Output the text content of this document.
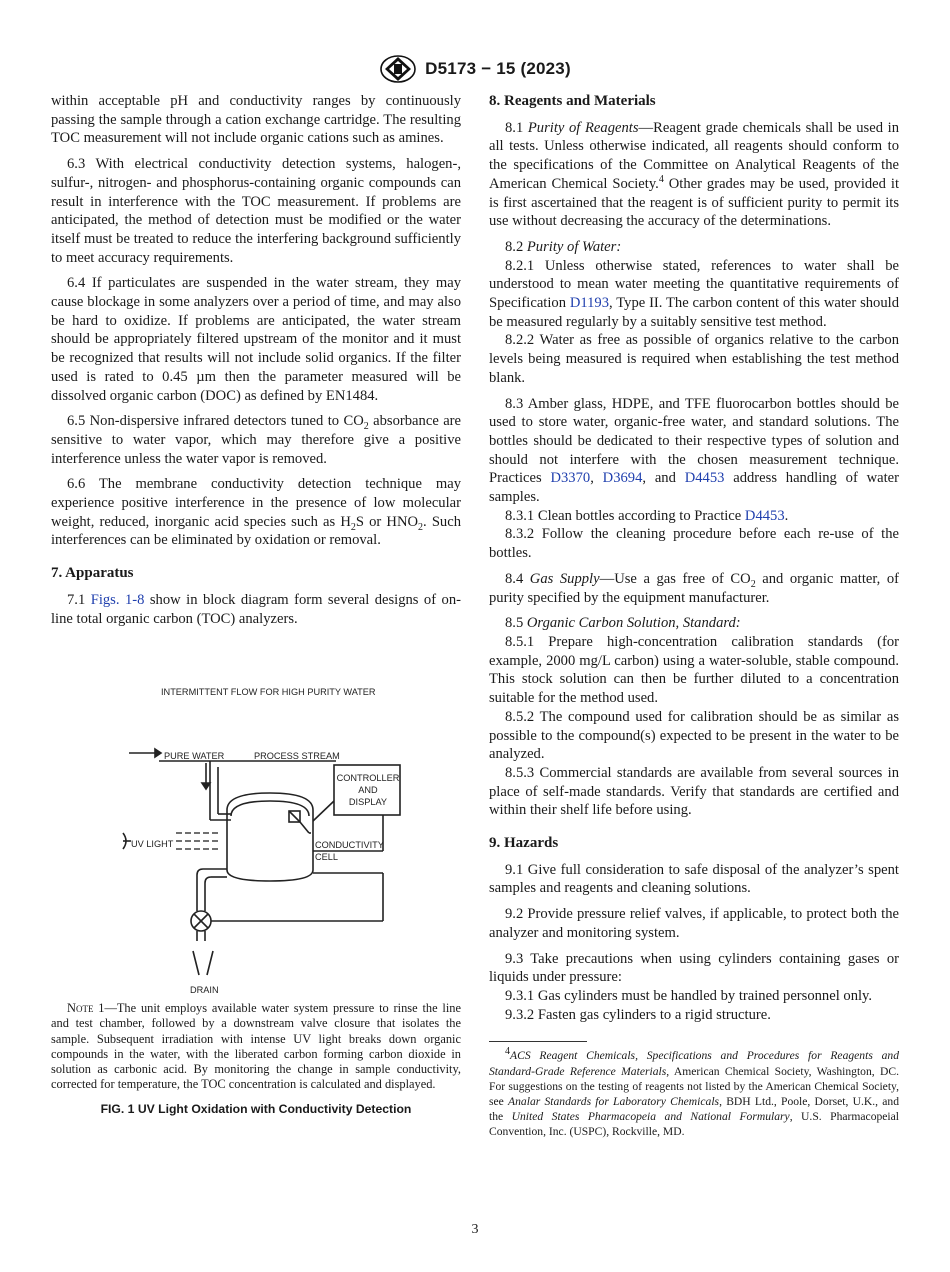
D5173 − 15 (2023)

within acceptable pH and conductivity ranges by continuously passing the sample through a cation exchange cartridge. The resulting TOC measurement will not include organic cations such as amines.

6.3 With electrical conductivity detection systems, halogen-, sulfur-, nitrogen- and phosphorus-containing organic compounds can result in interference with the TOC measurement. If problems are anticipated, the method of detection must be modified or the water itself must be treated to reduce the interfering background sufficiently to meet accuracy requirements.

6.4 If particulates are suspended in the water stream, they may cause blockage in some analyzers over a period of time, and may also be hard to oxidize. If problems are anticipated, the water stream should be appropriately filtered upstream of the monitor and it must be recognized that results will not include solid organics. If the filter used is rated to 0.45 µm then the parameter measured will be dissolved organic carbon (DOC) as defined by EN1484.

6.5 Non-dispersive infrared detectors tuned to $CO_2$ absorbance are sensitive to water vapor, which may therefore give a positive interference unless the water vapor is removed.

6.6 The membrane conductivity detection technique may experience positive interference in the presence of low molecular weight, reduced, inorganic acid species such as $H_2S$ or $HNO_2$. Such interferences can be eliminated by oxidation or removal.

7. Apparatus

7.1 Figs. 1-8 show in block diagram form several designs of on-line total organic carbon (TOC) analyzers.

INTERMITTENT FLOW FOR HIGH PURITY WATER
PURE WATER	PROCESS STREAM
CONTROLLER
AND
DISPLAY
UV LIGHT	CONDUCTIVITY
CELL
DRAIN

Note 1—The unit employs available water system pressure to rinse the line and test chamber, followed by a downstream valve closure that isolates the sample. Subsequent irradiation with intense UV light breaks down organic compounds in the water, with the liberated carbon forming carbon dioxide in solution as carbonic acid. By monitoring the change in sample conductivity, corrected for temperature, the TOC concentration is calculated and displayed.

FIG. 1 UV Light Oxidation with Conductivity Detection
8. Reagents and Materials

8.1 Purity of Reagents—Reagent grade chemicals shall be used in all tests. Unless otherwise indicated, all reagents should conform to the specifications of the Committee on Analytical Reagents of the American Chemical Society.$^4$ Other grades may be used, provided it is first ascertained that the reagent is of sufficient purity to permit its use without decreasing the accuracy of the determinations.

8.2 Purity of Water:

8.2.1 Unless otherwise stated, references to water shall be understood to mean water meeting the quantitative requirements of Specification D1193, Type II. The carbon content of this water should be measured regularly by a suitably sensitive test method.

8.2.2 Water as free as possible of organics relative to the carbon levels being measured is required when establishing the test method blank.

8.3 Amber glass, HDPE, and TFE fluorocarbon bottles should be used to store water, organic-free water, and standard solutions. The bottles should be dedicated to their respective types of solution and should not interfere with the chosen measurement technique. Practices D3370, D3694, and D4453 address handling of water samples.

8.3.1 Clean bottles according to Practice D4453.

8.3.2 Follow the cleaning procedure before each re-use of the bottles.

8.4 Gas Supply—Use a gas free of $CO_2$ and organic matter, of purity specified by the equipment manufacturer.

8.5 Organic Carbon Solution, Standard:

8.5.1 Prepare high-concentration calibration standards (for example, 2000 mg/L carbon) using a water-soluble, stable compound. This stock solution can then be further diluted to a concentration suitable for the method used.

8.5.2 The compound used for calibration should be as similar as possible to the compound(s) expected to be present in the water to be analyzed.

8.5.3 Commercial standards are available from several sources in place of self-made standards. Verify that standards are certified and within their shelf life before using.

9. Hazards

9.1 Give full consideration to safe disposal of the analyzer’s spent samples and reagents and cleaning solutions.

9.2 Provide pressure relief valves, if applicable, to protect both the analyzer and monitoring system.

9.3 Take precautions when using cylinders containing gases or liquids under pressure:

9.3.1 Gas cylinders must be handled by trained personnel only.

9.3.2 Fasten gas cylinders to a rigid structure.

$^4$ACS Reagent Chemicals, Specifications and Procedures for Reagents and Standard-Grade Reference Materials, American Chemical Society, Washington, DC. For suggestions on the testing of reagents not listed by the American Chemical Society, see Analar Standards for Laboratory Chemicals, BDH Ltd., Poole, Dorset, U.K., and the United States Pharmacopeia and National Formulary, U.S. Pharmacopeial Convention, Inc. (USPC), Rockville, MD.
3
